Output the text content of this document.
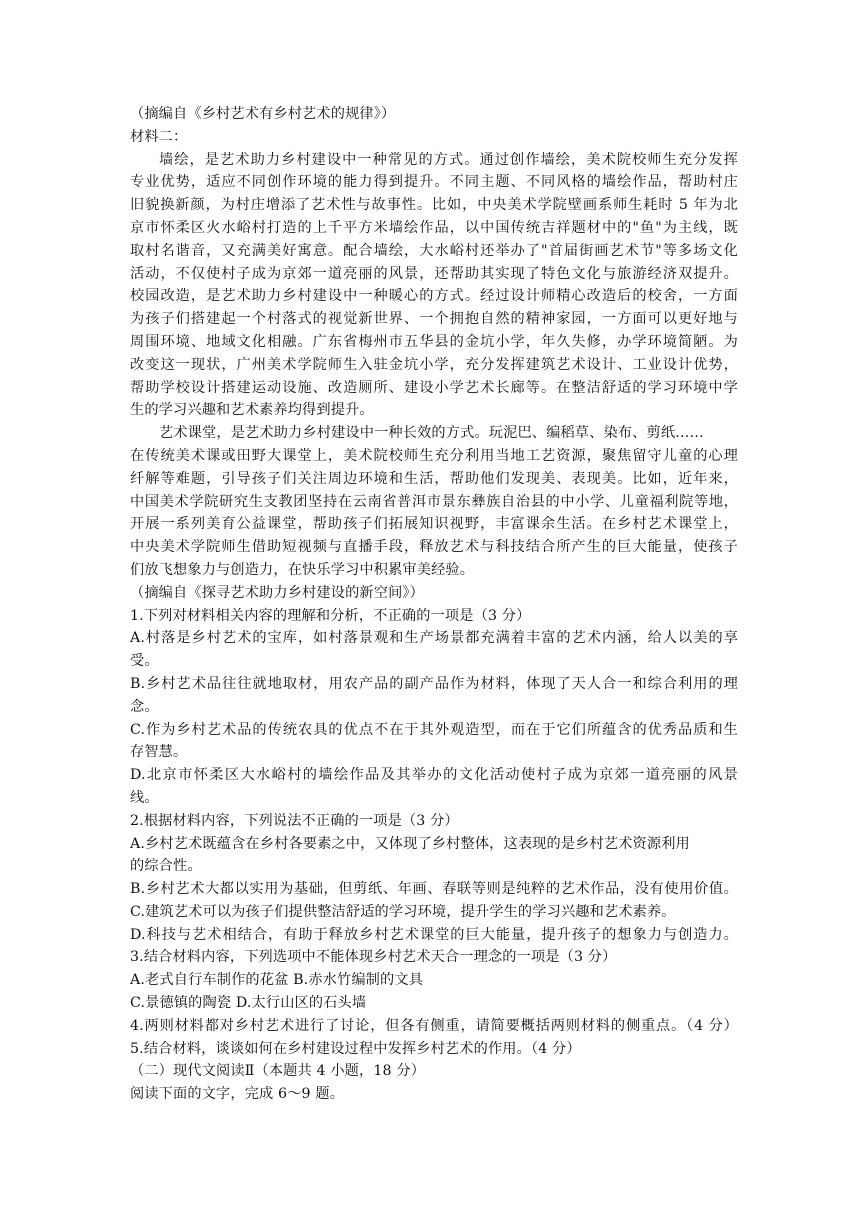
（摘编自《乡村艺术有乡村艺术的规律》）
材料二：
墙绘，是艺术助力乡村建设中一种常见的方式。通过创作墙绘，美术院校师生充分发挥
专业优势，适应不同创作环境的能力得到提升。不同主题、不同风格的墙绘作品，帮助村庄
旧貌换新颜，为村庄增添了艺术性与故事性。比如，中央美术学院壁画系师生耗时 5 年为北
京市怀柔区火水峪村打造的上千平方米墙绘作品，以中国传统吉祥题材中的"鱼"为主线，既
取村名谐音，又充满美好寓意。配合墙绘，大水峪村还举办了"首届街画艺术节"等多场文化
活动，不仅使村子成为京郊一道亮丽的风景，还帮助其实现了特色文化与旅游经济双提升。
校园改造，是艺术助力乡村建设中一种暖心的方式。经过设计师精心改造后的校舍，一方面
为孩子们搭建起一个村落式的视觉新世界、一个拥抱自然的精神家园，一方面可以更好地与
周围环境、地域文化相融。广东省梅州市五华县的金坑小学，年久失修，办学环境简陋。为
改变这一现状，广州美术学院师生入驻金坑小学，充分发挥建筑艺术设计、工业设计优势，
帮助学校设计搭建运动设施、改造厕所、建设小学艺术长廊等。在整洁舒适的学习环境中学
生的学习兴趣和艺术素养均得到提升。
艺术课堂，是艺术助力乡村建设中一种长效的方式。玩泥巴、编稻草、染布、剪纸……
在传统美术课或田野大课堂上，美术院校师生充分利用当地工艺资源，聚焦留守儿童的心理
纤解等难题，引导孩子们关注周边环境和生活，帮助他们发现美、表现美。比如，近年来，
中国美术学院研究生支教团坚持在云南省普洱市景东彝族自治县的中小学、儿童福利院等地，
开展一系列美育公益课堂，帮助孩子们拓展知识视野，丰富课余生活。在乡村艺术课堂上，
中央美术学院师生借助短视频与直播手段，释放艺术与科技结合所产生的巨大能量，使孩子
们放飞想象力与创造力，在快乐学习中积累审美经验。
（摘编自《探寻艺术助力乡村建设的新空间》）
1.下列对材料相关内容的理解和分析，不正确的一项是（3 分）
A.村落是乡村艺术的宝库，如村落景观和生产场景都充满着丰富的艺术内涵，给人以美的享
受。
B.乡村艺术品往往就地取材，用农产品的副产品作为材料，体现了天人合一和综合利用的理
念。
C.作为乡村艺术品的传统农具的优点不在于其外观造型，而在于它们所蕴含的优秀品质和生
存智慧。
D.北京市怀柔区大水峪村的墙绘作品及其举办的文化活动使村子成为京郊一道亮丽的风景
线。
2.根据材料内容，下列说法不正确的一项是（3 分）
A.乡村艺术既蕴含在乡村各要素之中，又体现了乡村整体，这表现的是乡村艺术资源利用
的综合性。
B.乡村艺术大都以实用为基础，但剪纸、年画、春联等则是纯粹的艺术作品，没有使用价值。
C.建筑艺术可以为孩子们提供整洁舒适的学习环境，提升学生的学习兴趣和艺术素养。
D.科技与艺术相结合，有助于释放乡村艺术课堂的巨大能量，提升孩子的想象力与创造力。
3.结合材料内容，下列选项中不能体现乡村艺术天合一理念的一项是（3 分）
A.老式自行车制作的花盆 B.赤水竹编制的文具
C.景德镇的陶瓷 D.太行山区的石头墙
4.两则材料都对乡村艺术进行了讨论，但各有侧重，请简要概括两则材料的侧重点。（4 分）
5.结合材料，谈谈如何在乡村建设过程中发挥乡村艺术的作用。（4 分）
（二）现代文阅读Ⅱ（本题共 4 小题，18 分）
阅读下面的文字，完成 6～9 题。
